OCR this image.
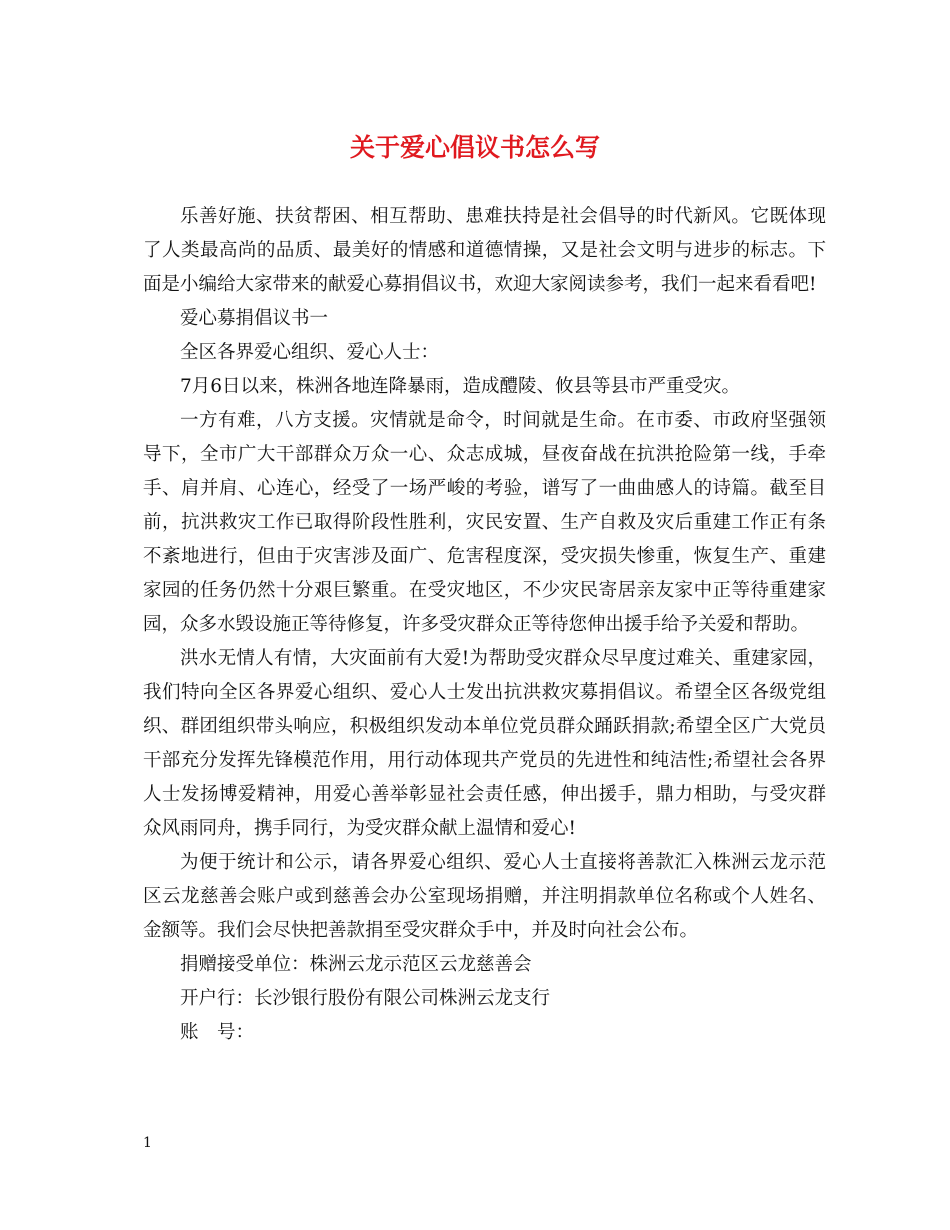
关于爱心倡议书怎么写

乐善好施、扶贫帮困、相互帮助、患难扶持是社会倡导的时代新风。它既体现了人类最高尚的品质、最美好的情感和道德情操，又是社会文明与进步的标志。下面是小编给大家带来的献爱心募捐倡议书，欢迎大家阅读参考，我们一起来看看吧!

爱心募捐倡议书一

全区各界爱心组织、爱心人士：

7月6日以来，株洲各地连降暴雨，造成醴陵、攸县等县市严重受灾。

一方有难，八方支援。灾情就是命令，时间就是生命。在市委、市政府坚强领导下，全市广大干部群众万众一心、众志成城，昼夜奋战在抗洪抢险第一线，手牵手、肩并肩、心连心，经受了一场严峻的考验，谱写了一曲曲感人的诗篇。截至目前，抗洪救灾工作已取得阶段性胜利，灾民安置、生产自救及灾后重建工作正有条不紊地进行，但由于灾害涉及面广、危害程度深，受灾损失惨重，恢复生产、重建家园的任务仍然十分艰巨繁重。在受灾地区，不少灾民寄居亲友家中正等待重建家园，众多水毁设施正等待修复，许多受灾群众正等待您伸出援手给予关爱和帮助。

洪水无情人有情，大灾面前有大爱!为帮助受灾群众尽早度过难关、重建家园，我们特向全区各界爱心组织、爱心人士发出抗洪救灾募捐倡议。希望全区各级党组织、群团组织带头响应，积极组织发动本单位党员群众踊跃捐款;希望全区广大党员干部充分发挥先锋模范作用，用行动体现共产党员的先进性和纯洁性;希望社会各界人士发扬博爱精神，用爱心善举彰显社会责任感，伸出援手，鼎力相助，与受灾群众风雨同舟，携手同行，为受灾群众献上温情和爱心!

为便于统计和公示，请各界爱心组织、爱心人士直接将善款汇入株洲云龙示范区云龙慈善会账户或到慈善会办公室现场捐赠，并注明捐款单位名称或个人姓名、金额等。我们会尽快把善款捐至受灾群众手中，并及时向社会公布。

捐赠接受单位：株洲云龙示范区云龙慈善会

开户行：长沙银行股份有限公司株洲云龙支行

账　号：

1
